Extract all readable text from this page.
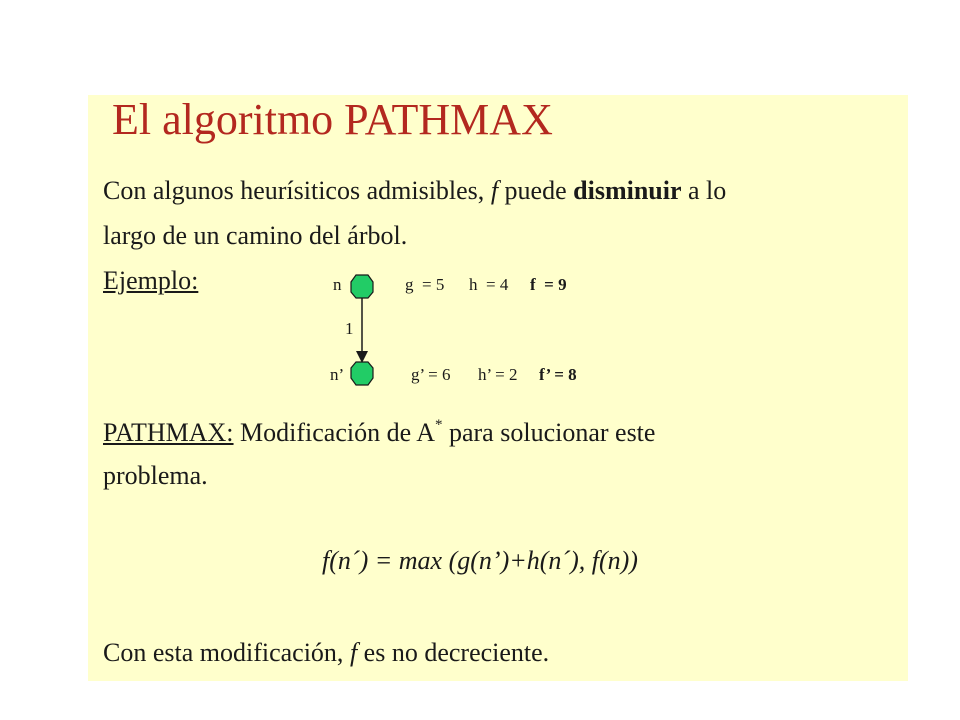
El algoritmo PATHMAX
Con algunos heurísiticos admisibles, f puede disminuir a lo
largo de un camino del árbol.
Ejemplo:	n	g  = 5 h  = 4 f  = 9
1
n’	g’ = 6 h’ = 2 f’ = 8
PATHMAX: Modificación de A* para solucionar este
problema.
f(n´) = max (g(n’)+h(n´), f(n))
Con esta modificación, f es no decreciente.
